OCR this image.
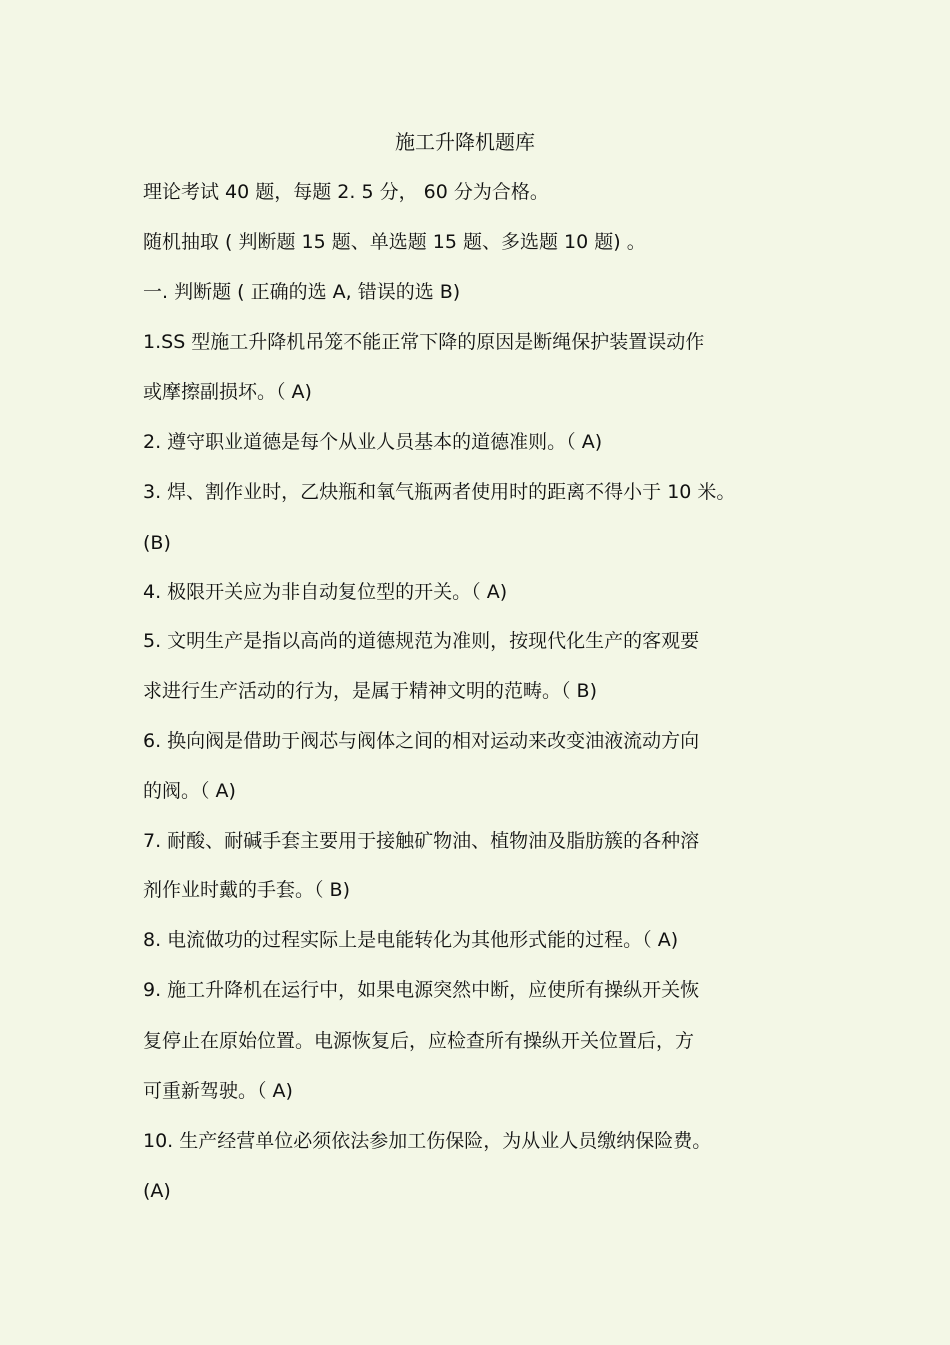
施工升降机题库
理论考试 40 题，每题 2. 5 分， 60 分为合格。
随机抽取 ( 判断题 15 题、单选题 15 题、多选题 10 题) 。
一. 判断题 ( 正确的选 A, 错误的选 B)
1.SS 型施工升降机吊笼不能正常下降的原因是断绳保护装置误动作
或摩擦副损坏。（ A)
2. 遵守职业道德是每个从业人员基本的道德准则。（ A)
3. 焊、割作业时，乙炔瓶和氧气瓶两者使用时的距离不得小于 10 米。
(B)
4. 极限开关应为非自动复位型的开关。（ A)
5. 文明生产是指以高尚的道德规范为准则，按现代化生产的客观要
求进行生产活动的行为，是属于精神文明的范畴。（ B)
6. 换向阀是借助于阀芯与阀体之间的相对运动来改变油液流动方向
的阀。（ A)
7. 耐酸、耐碱手套主要用于接触矿物油、植物油及脂肪簇的各种溶
剂作业时戴的手套。（ B)
8. 电流做功的过程实际上是电能转化为其他形式能的过程。（ A)
9. 施工升降机在运行中，如果电源突然中断，应使所有操纵开关恢
复停止在原始位置。电源恢复后，应检查所有操纵开关位置后，方
可重新驾驶。（ A)
10. 生产经营单位必须依法参加工伤保险，为从业人员缴纳保险费。
(A)
